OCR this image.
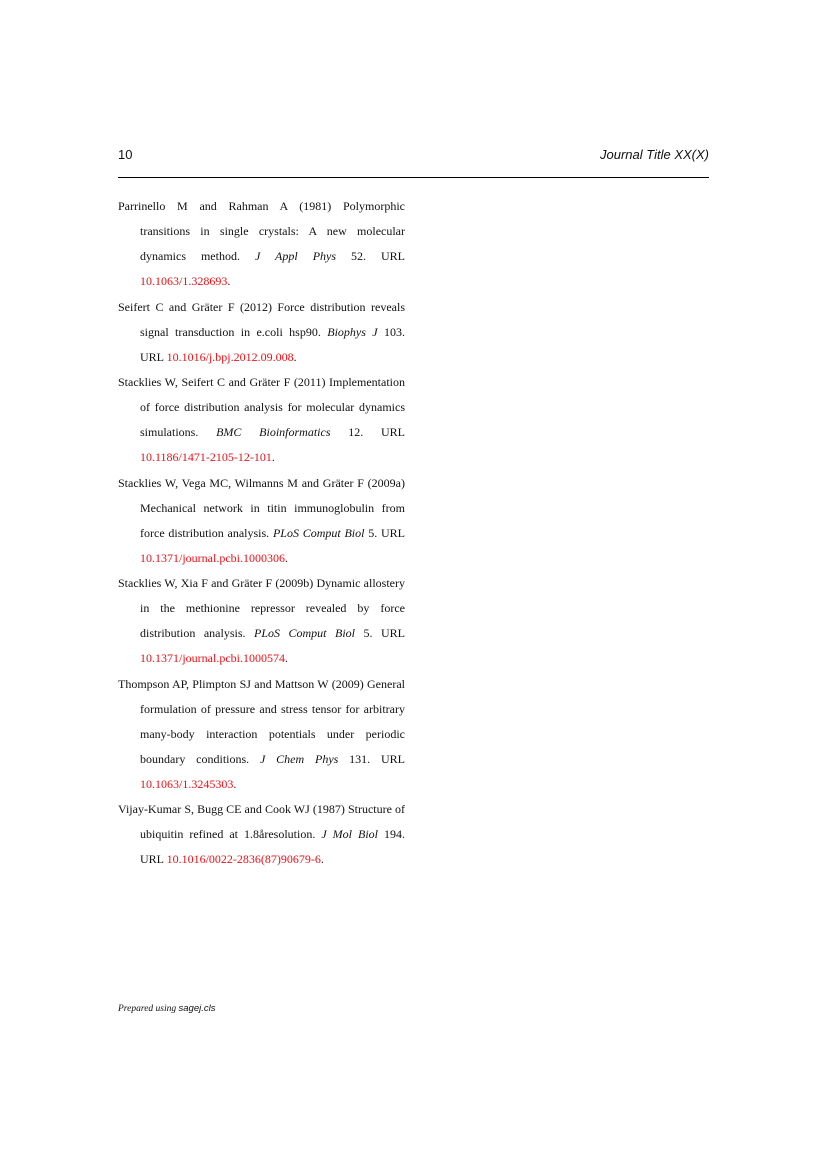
10	Journal Title XX(X)

Parrinello M and Rahman A (1981) Polymorphic transitions in single crystals: A new molecular dynamics method. J Appl Phys 52. URL 10.1063/1.328693.

Seifert C and Gräter F (2012) Force distribution reveals signal transduction in e.coli hsp90. Biophys J 103. URL 10.1016/j.bpj.2012.09.008.

Stacklies W, Seifert C and Gräter F (2011) Implementation of force distribution analysis for molecular dynamics simulations. BMC Bioinformatics 12. URL 10.1186/1471-2105-12-101.

Stacklies W, Vega MC, Wilmanns M and Gräter F (2009a) Mechanical network in titin immunoglobulin from force distribution analysis. PLoS Comput Biol 5. URL 10.1371/journal.pcbi.1000306.

Stacklies W, Xia F and Gräter F (2009b) Dynamic allostery in the methionine repressor revealed by force distribution analysis. PLoS Comput Biol 5. URL 10.1371/journal.pcbi.1000574.

Thompson AP, Plimpton SJ and Mattson W (2009) General formulation of pressure and stress tensor for arbitrary many-body interaction potentials under periodic boundary conditions. J Chem Phys 131. URL 10.1063/1.3245303.

Vijay-Kumar S, Bugg CE and Cook WJ (1987) Structure of ubiquitin refined at 1.8åresolution. J Mol Biol 194. URL 10.1016/0022-2836(87)90679-6.

Prepared using sagej.cls
